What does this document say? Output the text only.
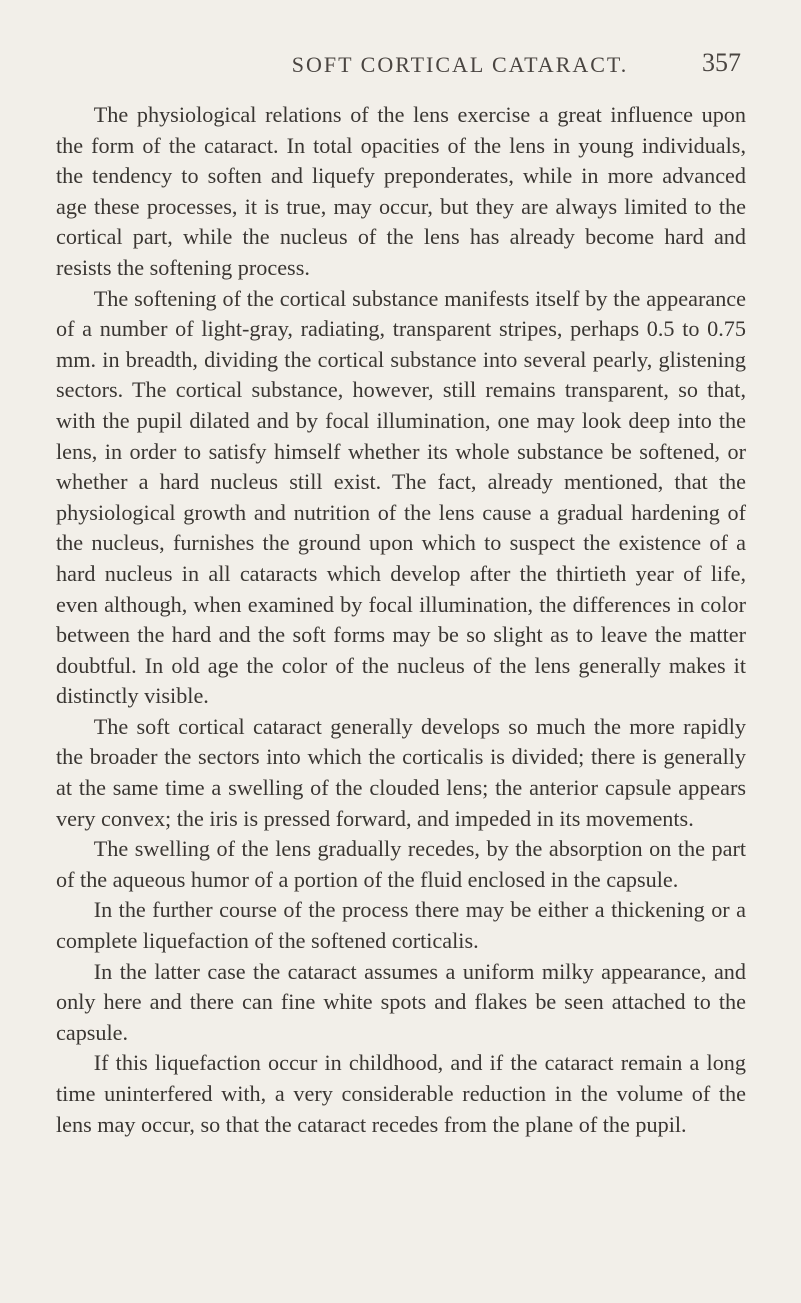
SOFT CORTICAL CATARACT.	357

The physiological relations of the lens exercise a great influence upon the form of the cataract. In total opacities of the lens in young individuals, the tendency to soften and liquefy preponderates, while in more advanced age these processes, it is true, may occur, but they are always limited to the cortical part, while the nucleus of the lens has already become hard and resists the softening process.

The softening of the cortical substance manifests itself by the appearance of a number of light-gray, radiating, transparent stripes, perhaps 0.5 to 0.75 mm. in breadth, dividing the cortical substance into several pearly, glistening sectors. The cortical substance, however, still remains transparent, so that, with the pupil dilated and by focal illumination, one may look deep into the lens, in order to satisfy himself whether its whole substance be softened, or whether a hard nucleus still exist. The fact, already mentioned, that the physiological growth and nutrition of the lens cause a gradual hardening of the nucleus, furnishes the ground upon which to suspect the existence of a hard nucleus in all cataracts which develop after the thirtieth year of life, even although, when examined by focal illumination, the differences in color between the hard and the soft forms may be so slight as to leave the matter doubtful. In old age the color of the nucleus of the lens generally makes it distinctly visible.

The soft cortical cataract generally develops so much the more rapidly the broader the sectors into which the corticalis is divided; there is generally at the same time a swelling of the clouded lens; the anterior capsule appears very convex; the iris is pressed forward, and impeded in its movements.

The swelling of the lens gradually recedes, by the absorption on the part of the aqueous humor of a portion of the fluid enclosed in the capsule.

In the further course of the process there may be either a thickening or a complete liquefaction of the softened corticalis.

In the latter case the cataract assumes a uniform milky appearance, and only here and there can fine white spots and flakes be seen attached to the capsule.

If this liquefaction occur in childhood, and if the cataract remain a long time uninterfered with, a very considerable reduction in the volume of the lens may occur, so that the cataract recedes from the plane of the pupil.
